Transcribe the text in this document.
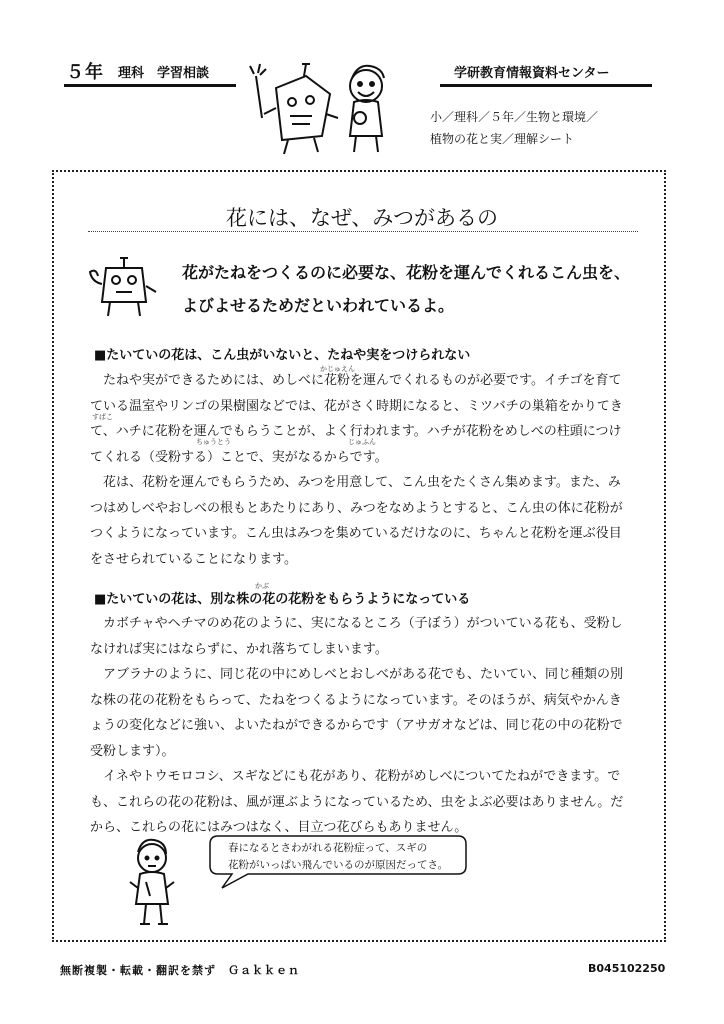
５年 理科　学習相談	学研教育情報資料センター
小／理科／５年／生物と環境／
植物の花と実／理解シート
花には、なぜ、みつがあるの
花がたねをつくるのに必要な、花粉を運んでくれるこん虫を、よびよせるためだといわれているよ。
■たいていの花は、こん虫がいないと、たねや実をつけられない

たねや実ができるためには、めしべに花粉を運んでくれるものが必要です。イチゴを育てている温室やリンゴの果樹園などでは、花がさく時期になると、ミツバチの巣箱をかりてきて、ハチに花粉を運んでもらうことが、よく行われます。ハチが花粉をめしべの柱頭につけてくれる（受粉する）ことで、実がなるからです。

花は、花粉を運んでもらうため、みつを用意して、こん虫をたくさん集めます。また、みつはめしべやおしべの根もとあたりにあり、みつをなめようとすると、こん虫の体に花粉がつくようになっています。こん虫はみつを集めているだけなのに、ちゃんと花粉を運ぶ役目をさせられていることになります。

かじゅえん
すばこ
ちゅうとう	じゅふん
■たいていの花は、別な株の花の花粉をもらうようになっている
かぶ

カボチャやヘチマのめ花のように、実になるところ（子ぼう）がついている花も、受粉しなければ実にはならずに、かれ落ちてしまいます。

アブラナのように、同じ花の中にめしべとおしべがある花でも、たいてい、同じ種類の別な株の花の花粉をもらって、たねをつくるようになっています。そのほうが、病気やかんきょうの変化などに強い、よいたねができるからです（アサガオなどは、同じ花の中の花粉で受粉します）。

イネやトウモロコシ、スギなどにも花があり、花粉がめしべについてたねができます。でも、これらの花の花粉は、風が運ぶようになっているため、虫をよぶ必要はありません。だから、これらの花にはみつはなく、目立つ花びらもありません。

春になるとさわがれる花粉症って、スギの
花粉がいっぱい飛んでいるのが原因だってさ。
無断複製・転載・翻訳を禁ず　Ｇａｋｋｅｎ	B045102250
